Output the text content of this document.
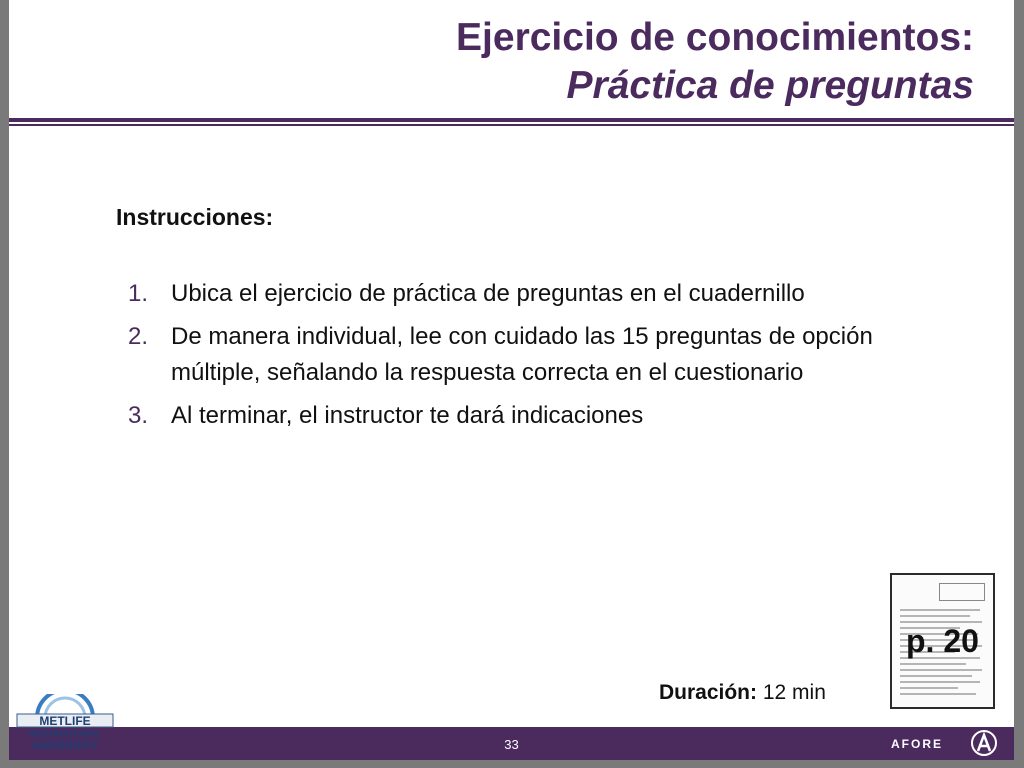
Ejercicio de conocimientos:
Práctica de preguntas
Instrucciones:
1. Ubica el ejercicio de práctica de preguntas en el cuadernillo
2. De manera individual, lee con cuidado las 15 preguntas de opción múltiple, señalando la respuesta correcta en el cuestionario
3. Al terminar, el instructor te dará indicaciones
p. 20
Duración: 12 min
33	AFORE
METLIFE
INTERNATIONAL
UNIVERSITY
